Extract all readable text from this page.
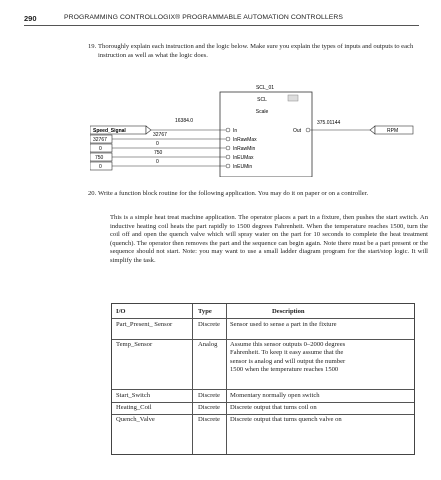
290	PROGRAMMING CONTROLLOGIX® PROGRAMMABLE AUTOMATION CONTROLLERS
19. Thoroughly explain each instruction and the logic below. Make sure you explain the types of inputs and outputs to each instruction as well as what the logic does.
SCL_01
SCL
Scale
Speed_Signal
16384.0
32767
32767
0
0
750
750
0
0
In
InRawMax
InRawMin
InEUMax
InEUMin
Out
375.01144
RPM
20. Write a function block routine for the following application. You may do it on paper or on a controller.
This is a simple heat treat machine application. The operator places a part in a fixture, then pushes the start switch. An inductive heating coil heats the part rapidly to 1500 degrees Fahrenheit. When the temperature reaches 1500, turn the coil off and open the quench valve which will spray water on the part for 10 seconds to complete the heat treatment (quench). The operator then removes the part and the sequence can begin again. Note there must be a part present or the sequence should not start. Note: you may want to use a small ladder diagram program for the start/stop logic. It will simplify the task.
I/O	Type	Description
Part_Present_ Sensor	Discrete Sensor used to sense a part in the fixture
Temp_Sensor	Analog Assume this sensor outputs 0–2000 degrees Fahrenheit. To keep it easy assume that the sensor is analog and will output the number 1500 when the temperature reaches 1500
Start_Switch	Discrete Momentary normally open switch
Heating_Coil	Discrete Discrete output that turns coil on
Quench_Valve	Discrete Discrete output that turns quench valve on
